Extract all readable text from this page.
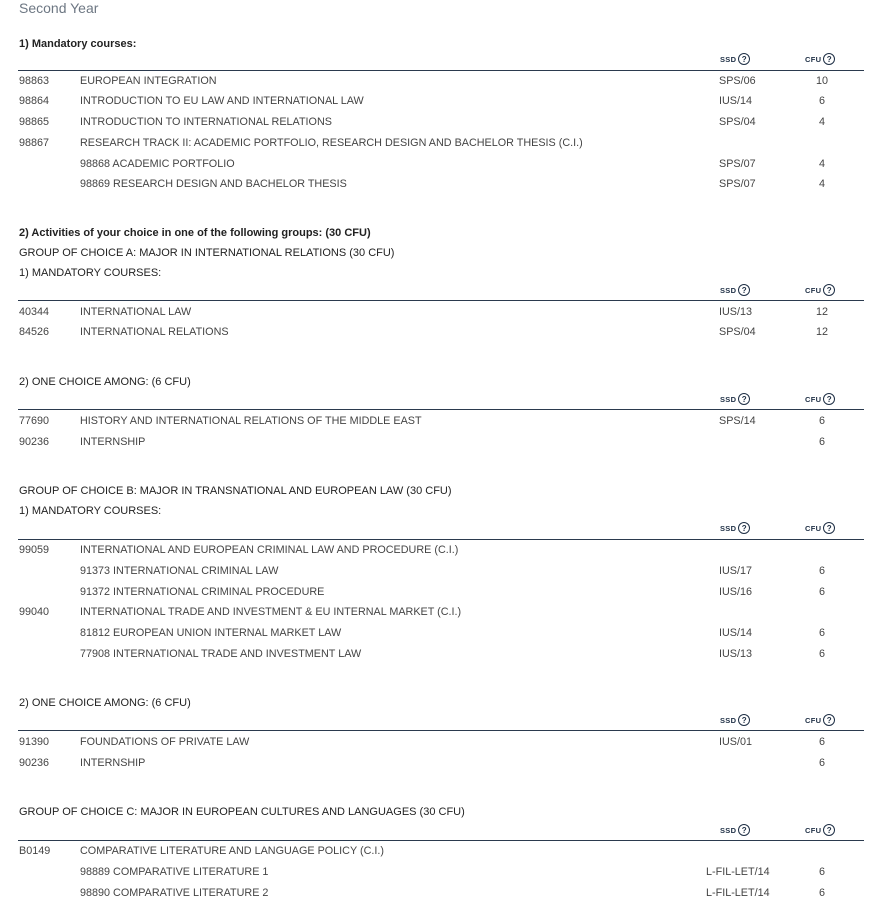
Second Year
1) Mandatory courses:
SSD ?	CFU ?
98863	EUROPEAN INTEGRATION	SPS/06	10
98864	INTRODUCTION TO EU LAW AND INTERNATIONAL LAW	IUS/14	6
98865	INTRODUCTION TO INTERNATIONAL RELATIONS	SPS/04	4
98867	RESEARCH TRACK II: ACADEMIC PORTFOLIO, RESEARCH DESIGN AND BACHELOR THESIS (C.I.)
98868 ACADEMIC PORTFOLIO	SPS/07	4
98869 RESEARCH DESIGN AND BACHELOR THESIS	SPS/07	4
2) Activities of your choice in one of the following groups: (30 CFU)
GROUP OF CHOICE A: MAJOR IN INTERNATIONAL RELATIONS (30 CFU)
1) MANDATORY COURSES:
SSD ?	CFU ?
40344	INTERNATIONAL LAW	IUS/13	12
84526	INTERNATIONAL RELATIONS	SPS/04	12
2) ONE CHOICE AMONG: (6 CFU)
SSD ?	CFU ?
77690	HISTORY AND INTERNATIONAL RELATIONS OF THE MIDDLE EAST	SPS/14	6
90236	INTERNSHIP	6
GROUP OF CHOICE B: MAJOR IN TRANSNATIONAL AND EUROPEAN LAW (30 CFU)
1) MANDATORY COURSES:
SSD ?	CFU ?
99059	INTERNATIONAL AND EUROPEAN CRIMINAL LAW AND PROCEDURE (C.I.)
91373 INTERNATIONAL CRIMINAL LAW	IUS/17	6
91372 INTERNATIONAL CRIMINAL PROCEDURE	IUS/16	6
99040	INTERNATIONAL TRADE AND INVESTMENT & EU INTERNAL MARKET (C.I.)
81812 EUROPEAN UNION INTERNAL MARKET LAW	IUS/14	6
77908 INTERNATIONAL TRADE AND INVESTMENT LAW	IUS/13	6
2) ONE CHOICE AMONG: (6 CFU)
SSD ?	CFU ?
91390	FOUNDATIONS OF PRIVATE LAW	IUS/01	6
90236	INTERNSHIP	6
GROUP OF CHOICE C: MAJOR IN EUROPEAN CULTURES AND LANGUAGES (30 CFU)
SSD ?	CFU ?
B0149	COMPARATIVE LITERATURE AND LANGUAGE POLICY (C.I.)
98889 COMPARATIVE LITERATURE 1	L-FIL-LET/14	6
98890 COMPARATIVE LITERATURE 2	L-FIL-LET/14	6
